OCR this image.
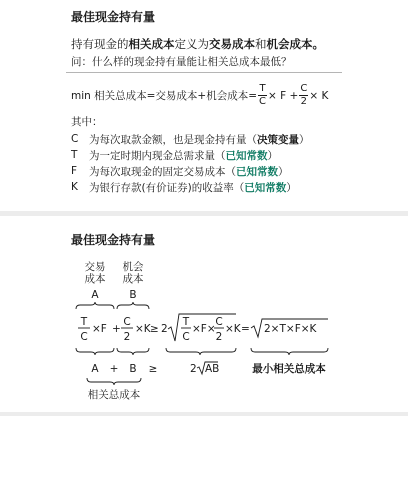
最佳现金持有量
持有现金的相关成本定义为交易成本和机会成本。
问：什么样的现金持有量能让相关总成本最低？
min 相关总成本=交易成本+机会成本= $\frac{T}{C} \times F + \frac{C}{2} \times K$
其中：
C	为每次取款金额，也是现金持有量（ 决策变量 ）
T	为一定时期内现金总需求量（ 已知常数 ）
F	为每次取现金的固定交易成本（ 已知常数 ）
K	为银行存款(有价证券)的收益率（ 已知常数 ）
最佳现金持有量
交易
成本
机会
成本
A	B
T
C
×F +
C
2
×K ≥ 2
T
C
×F×
C
2
×K = 2×T×F×K
A + B ≥	2 AB	最小相关总成本
相关总成本
